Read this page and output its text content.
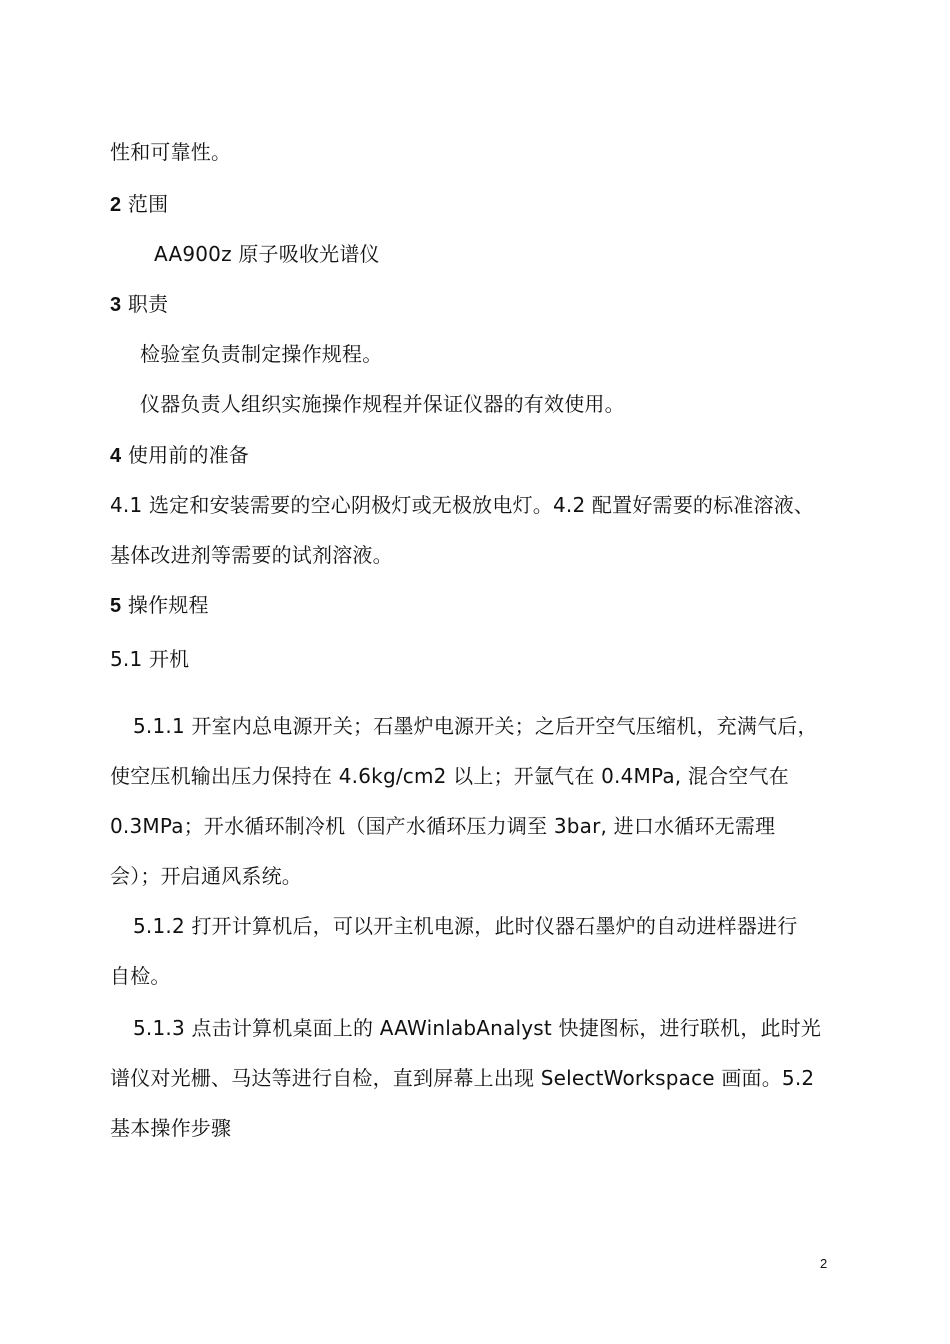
性和可靠性。
2 范围
AA900z 原子吸收光谱仪
3 职责
检验室负责制定操作规程。
仪器负责人组织实施操作规程并保证仪器的有效使用。
4 使用前的准备
4.1 选定和安装需要的空心阴极灯或无极放电灯。4.2 配置好需要的标准溶液、
基体改进剂等需要的试剂溶液。
5 操作规程
5.1 开机
5.1.1 开室内总电源开关；石墨炉电源开关；之后开空气压缩机，充满气后，
使空压机输出压力保持在 4.6kg/cm2 以上；开氩气在 0.4MPa, 混合空气在
0.3MPa；开水循环制冷机（国产水循环压力调至 3bar, 进口水循环无需理
会）；开启通风系统。
5.1.2 打开计算机后，可以开主机电源，此时仪器石墨炉的自动进样器进行
自检。
5.1.3 点击计算机桌面上的 AAWinlabAnalyst 快捷图标，进行联机，此时光
谱仪对光栅、马达等进行自检，直到屏幕上出现 SelectWorkspace 画面。5.2
基本操作步骤
2
